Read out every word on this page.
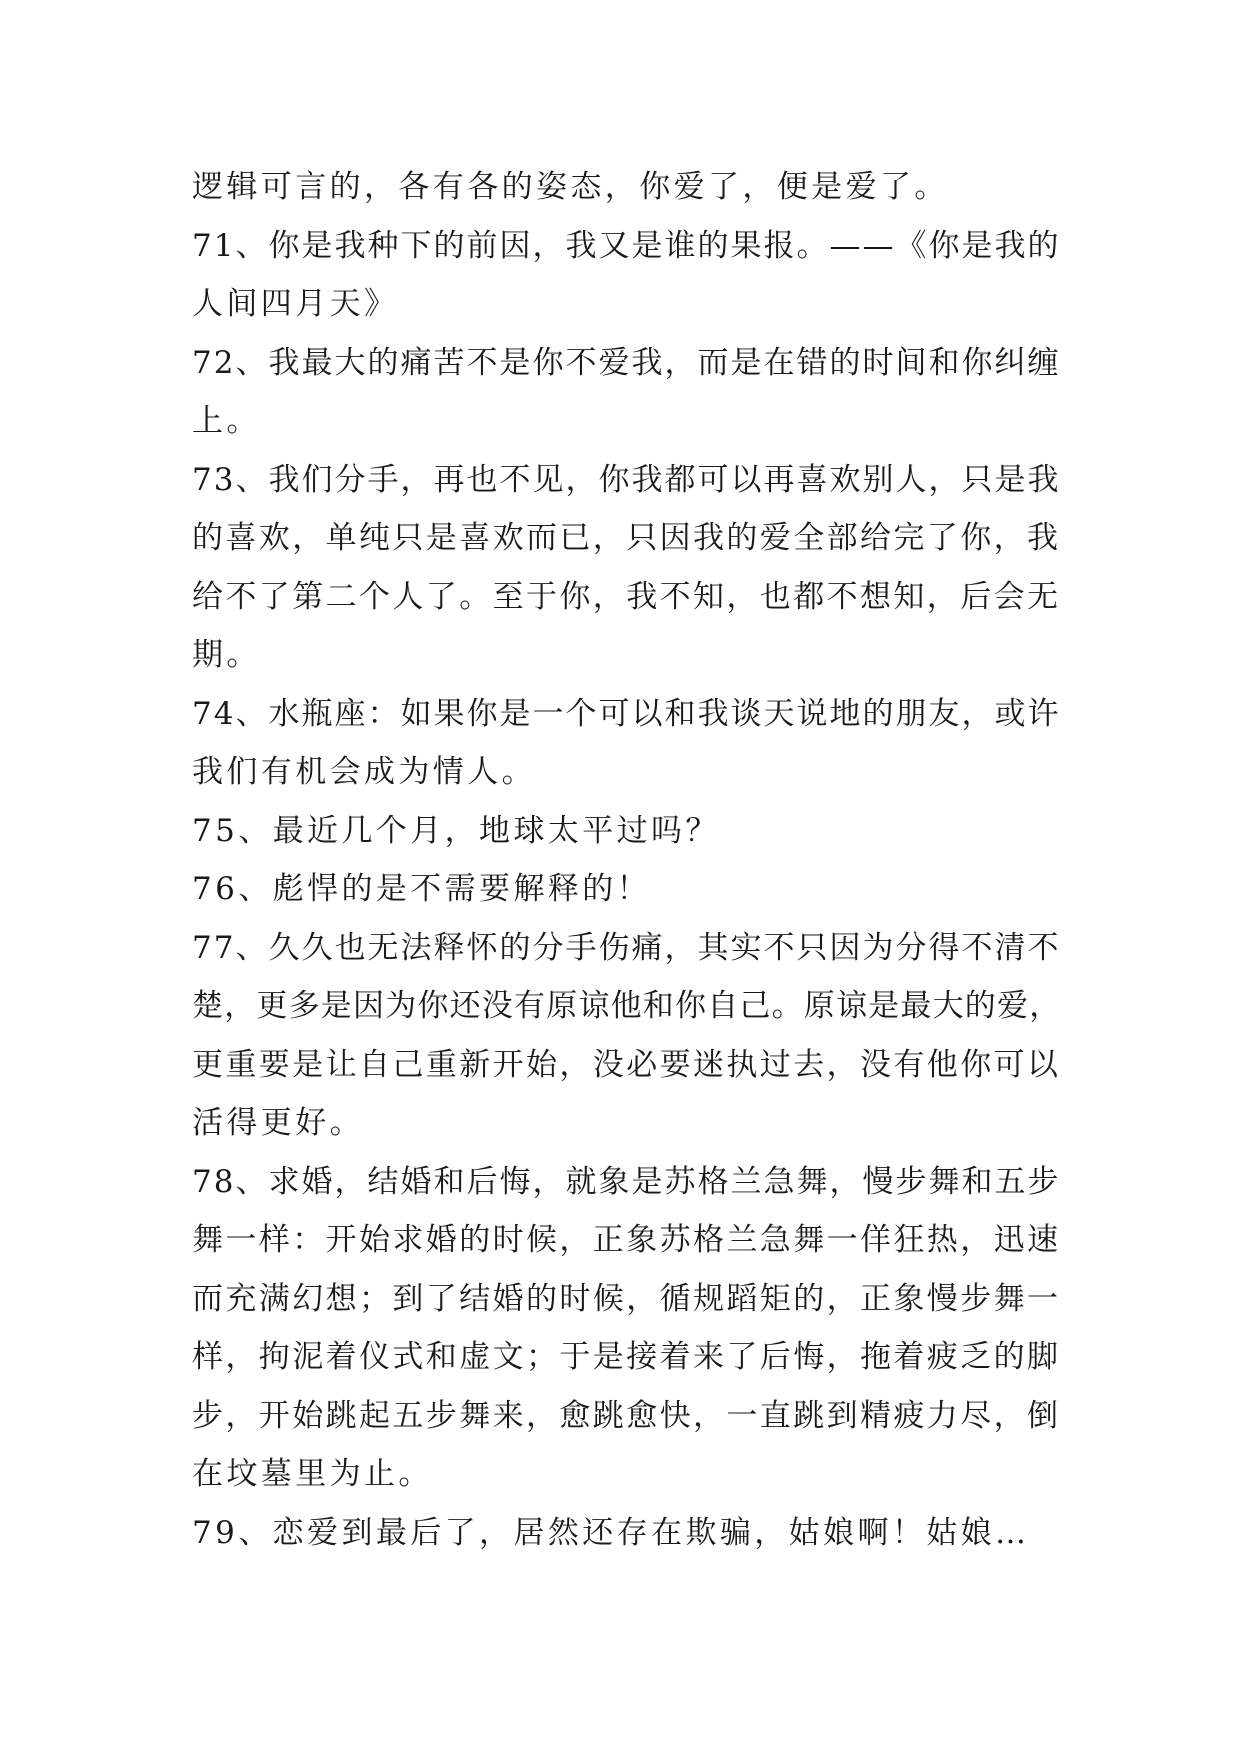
逻辑可言的，各有各的姿态，你爱了，便是爱了。
71、你是我种下的前因，我又是谁的果报。——《你是我的
人间四月天》
72、我最大的痛苦不是你不爱我，而是在错的时间和你纠缠
上。
73、我们分手，再也不见，你我都可以再喜欢别人，只是我
的喜欢，单纯只是喜欢而已，只因我的爱全部给完了你，我
给不了第二个人了。至于你，我不知，也都不想知，后会无
期。
74、水瓶座：如果你是一个可以和我谈天说地的朋友，或许
我们有机会成为情人。
75、最近几个月，地球太平过吗？
76、彪悍的是不需要解释的！
77、久久也无法释怀的分手伤痛，其实不只因为分得不清不
楚，更多是因为你还没有原谅他和你自己。原谅是最大的爱，
更重要是让自己重新开始，没必要迷执过去，没有他你可以
活得更好。
78、求婚，结婚和后悔，就象是苏格兰急舞，慢步舞和五步
舞一样：开始求婚的时候，正象苏格兰急舞一佯狂热，迅速
而充满幻想；到了结婚的时候，循规蹈矩的，正象慢步舞一
样，拘泥着仪式和虚文；于是接着来了后悔，拖着疲乏的脚
步，开始跳起五步舞来，愈跳愈快，一直跳到精疲力尽，倒
在坟墓里为止。
79、恋爱到最后了，居然还存在欺骗，姑娘啊！姑娘…
